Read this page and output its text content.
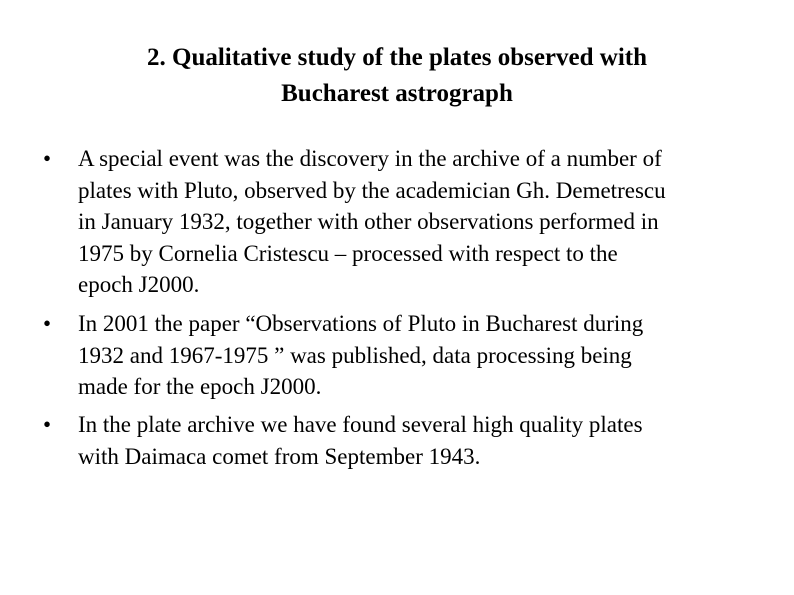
2. Qualitative study of the plates observed with
Bucharest astrograph
• A special event was the discovery in the archive of a number of
plates with Pluto, observed by the academician Gh. Demetrescu
in January 1932, together with other observations performed in
1975 by Cornelia Cristescu – processed with respect to the
epoch J2000.
• In 2001 the paper “Observations of Pluto in Bucharest during
1932 and 1967-1975 ” was published, data processing being
made for the epoch J2000.
• In the plate archive we have found several high quality plates
with Daimaca comet from September 1943.
